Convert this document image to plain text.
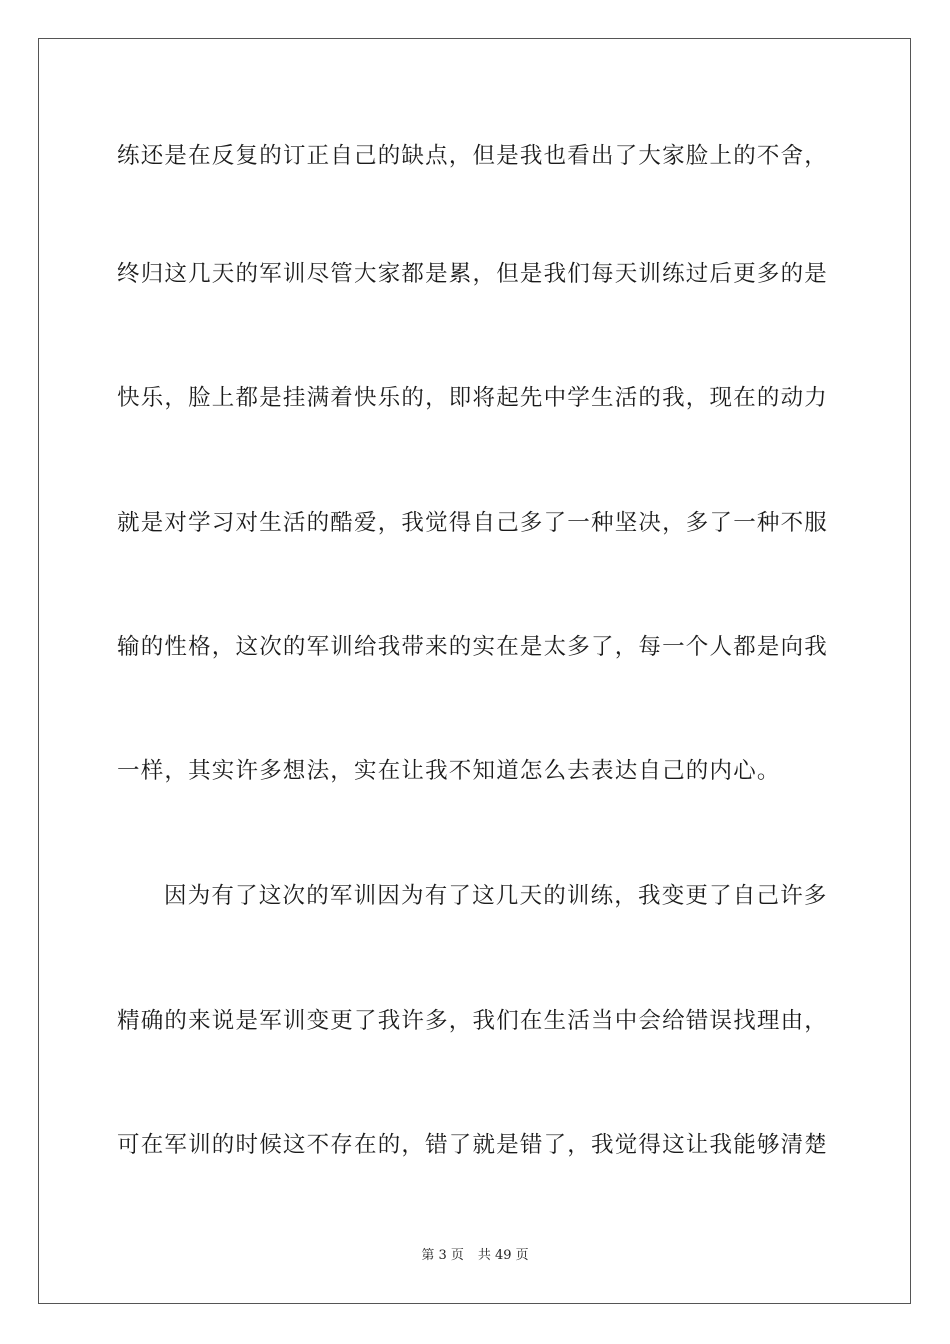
练还是在反复的订正自己的缺点，但是我也看出了大家脸上的不舍，
终归这几天的军训尽管大家都是累，但是我们每天训练过后更多的是
快乐，脸上都是挂满着快乐的，即将起先中学生活的我，现在的动力
就是对学习对生活的酷爱，我觉得自己多了一种坚决，多了一种不服
输的性格，这次的军训给我带来的实在是太多了，每一个人都是向我
一样，其实许多想法，实在让我不知道怎么去表达自己的内心。
因为有了这次的军训因为有了这几天的训练，我变更了自己许多
精确的来说是军训变更了我许多，我们在生活当中会给错误找理由，
可在军训的时候这不存在的，错了就是错了，我觉得这让我能够清楚
第 3 页 共 49 页
